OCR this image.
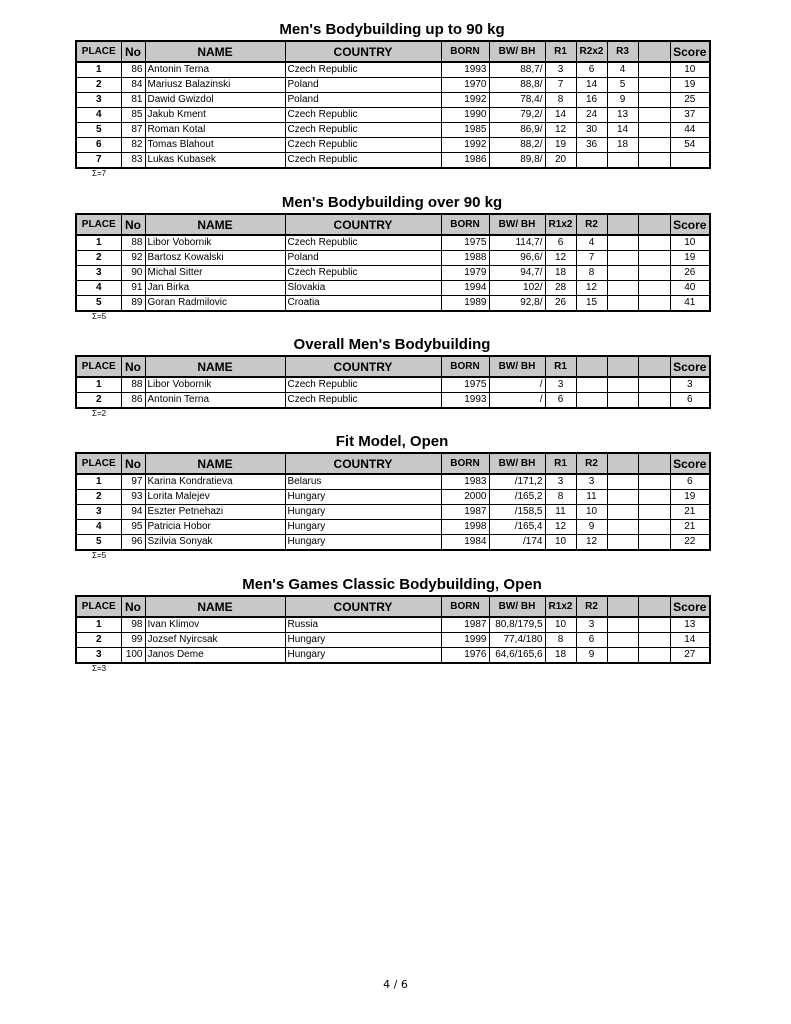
Men's Bodybuilding up to 90 kg
PLACE	No	NAME	COUNTRY	BORN	BW/ BH	R1	R2x2	R3		Score
1	86	Antonin Terna	Czech Republic	1993	88,7/	3	6	4		10
2	84	Mariusz Balazinski	Poland	1970	88,8/	7	14	5		19
3	81	Dawid Gwizdol	Poland	1992	78,4/	8	16	9		25
4	85	Jakub Kment	Czech Republic	1990	79,2/	14	24	13		37
5	87	Roman Kotal	Czech Republic	1985	86,9/	12	30	14		44
6	82	Tomas Blahout	Czech Republic	1992	88,2/	19	36	18		54
7	83	Lukas Kubasek	Czech Republic	1986	89,8/	20				
Σ=7
Men's Bodybuilding over 90 kg
PLACE	No	NAME	COUNTRY	BORN	BW/ BH	R1x2	R2			Score
1	88	Libor Vobornik	Czech Republic	1975	114,7/	6	4			10
2	92	Bartosz Kowalski	Poland	1988	96,6/	12	7			19
3	90	Michal Sitter	Czech Republic	1979	94,7/	18	8			26
4	91	Jan Birka	Slovakia	1994	102/	28	12			40
5	89	Goran Radmilovic	Croatia	1989	92,8/	26	15			41
Σ=5
Overall Men's Bodybuilding
PLACE	No	NAME	COUNTRY	BORN	BW/ BH	R1				Score
1	88	Libor Vobornik	Czech Republic	1975	/	3				3
2	86	Antonin Terna	Czech Republic	1993	/	6				6
Σ=2
Fit Model, Open
PLACE	No	NAME	COUNTRY	BORN	BW/ BH	R1	R2			Score
1	97	Karina Kondratieva	Belarus	1983	/171,2	3	3			6
2	93	Lorita Malejev	Hungary	2000	/165,2	8	11			19
3	94	Eszter Petnehazi	Hungary	1987	/158,5	11	10			21
4	95	Patricia Hobor	Hungary	1998	/165,4	12	9			21
5	96	Szilvia Sonyak	Hungary	1984	/174	10	12			22
Σ=5
Men's Games Classic Bodybuilding, Open
PLACE	No	NAME	COUNTRY	BORN	BW/ BH	R1x2	R2			Score
1	98	Ivan Klimov	Russia	1987	80,8/179,5	10	3			13
2	99	Jozsef Nyircsak	Hungary	1999	77,4/180	8	6			14
3	100	Janos Deme	Hungary	1976	64,6/165,6	18	9			27
Σ=3
4 / 6
